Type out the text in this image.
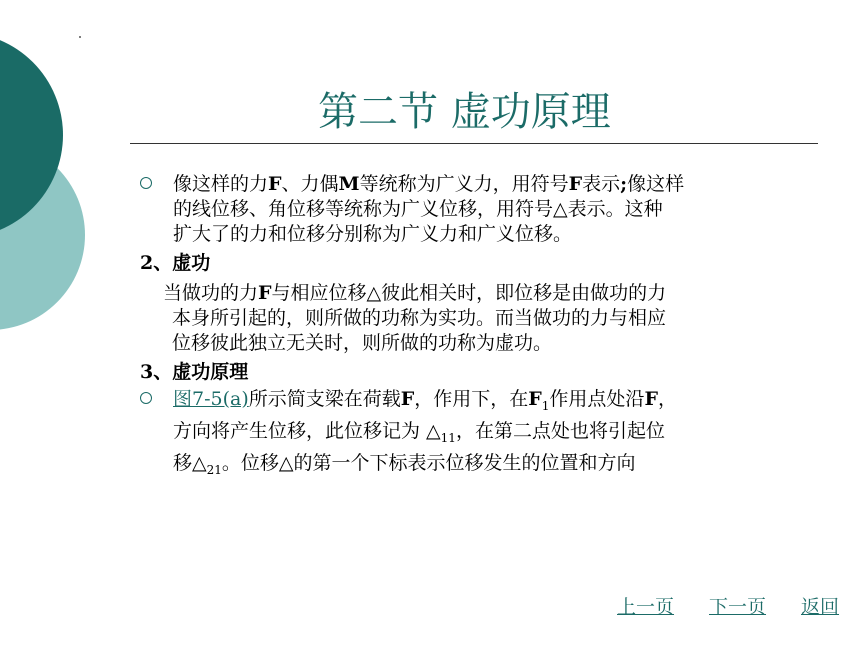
第二节 虚功原理
像这样的力F、力偶M等统称为广义力，用符号F表示;像这样
的线位移、角位移等统称为广义位移，用符号△表示。这种
扩大了的力和位移分别称为广义力和广义位移。
2、虚功
当做功的力F与相应位移△彼此相关时，即位移是由做功的力
本身所引起的，则所做的功称为实功。而当做功的力与相应
位移彼此独立无关时，则所做的功称为虚功。
3、虚功原理
图7-5(a)所示简支梁在荷载F，作用下，在$F_1$作用点处沿F，
方向将产生位移，此位移记为 $\triangle_{11}$，在第二点处也将引起位
移$\triangle_{21}$。位移△的第一个下标表示位移发生的位置和方向
上一页 下一页 返回
